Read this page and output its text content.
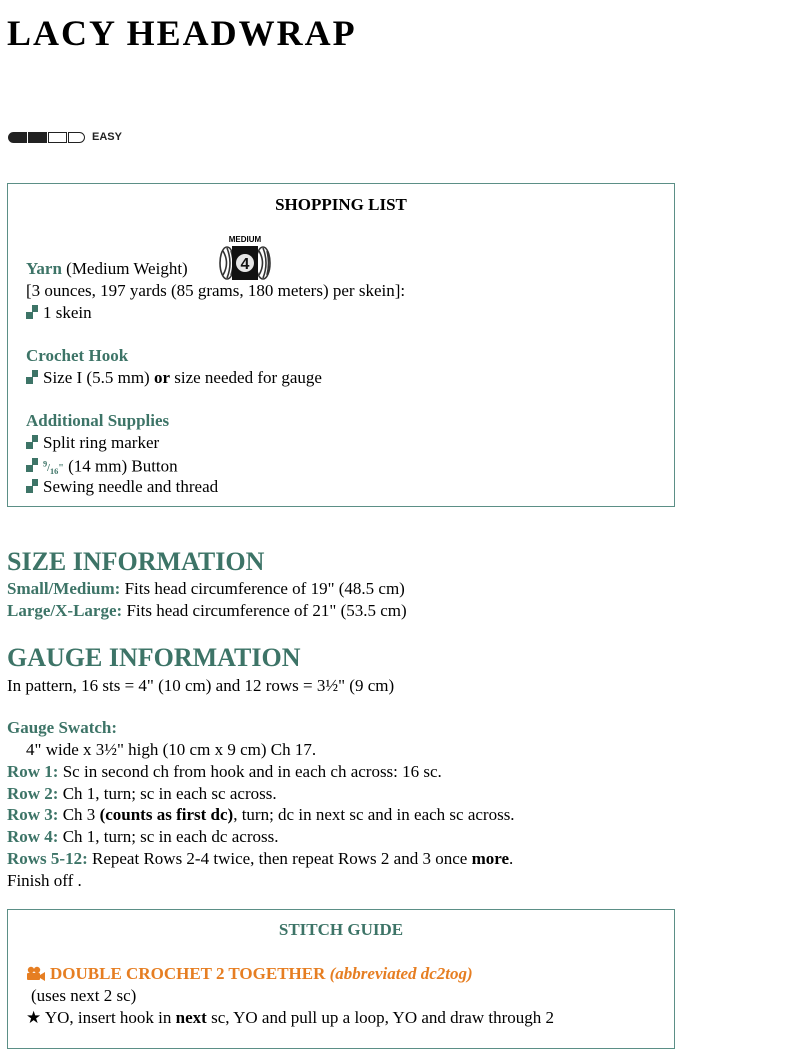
LACY HEADWRAP
EASY
SHOPPING LIST
MEDIUM
4
Yarn (Medium Weight)
[3 ounces, 197 yards (85 grams, 180 meters) per skein]:
1 skein
Crochet Hook
Size I (5.5 mm) or size needed for gauge
Additional Supplies
Split ring marker
$^9/_{16}$" (14 mm) Button
Sewing needle and thread
SIZE INFORMATION
Small/Medium: Fits head circumference of 19" (48.5 cm)
Large/X-Large: Fits head circumference of 21" (53.5 cm)
GAUGE INFORMATION
In pattern, 16 sts = 4" (10 cm) and 12 rows = 3½" (9 cm)
Gauge Swatch:
4" wide x 3½" high (10 cm x 9 cm) Ch 17.
Row 1: Sc in second ch from hook and in each ch across: 16 sc.
Row 2: Ch 1, turn; sc in each sc across.
Row 3: Ch 3 (counts as first dc), turn; dc in next sc and in each sc across.
Row 4: Ch 1, turn; sc in each dc across.
Rows 5-12: Repeat Rows 2-4 twice, then repeat Rows 2 and 3 once more.
Finish off .
STITCH GUIDE
DOUBLE CROCHET 2 TOGETHER (abbreviated dc2tog)
(uses next 2 sc)
★ YO, insert hook in next sc, YO and pull up a loop, YO and draw through 2
